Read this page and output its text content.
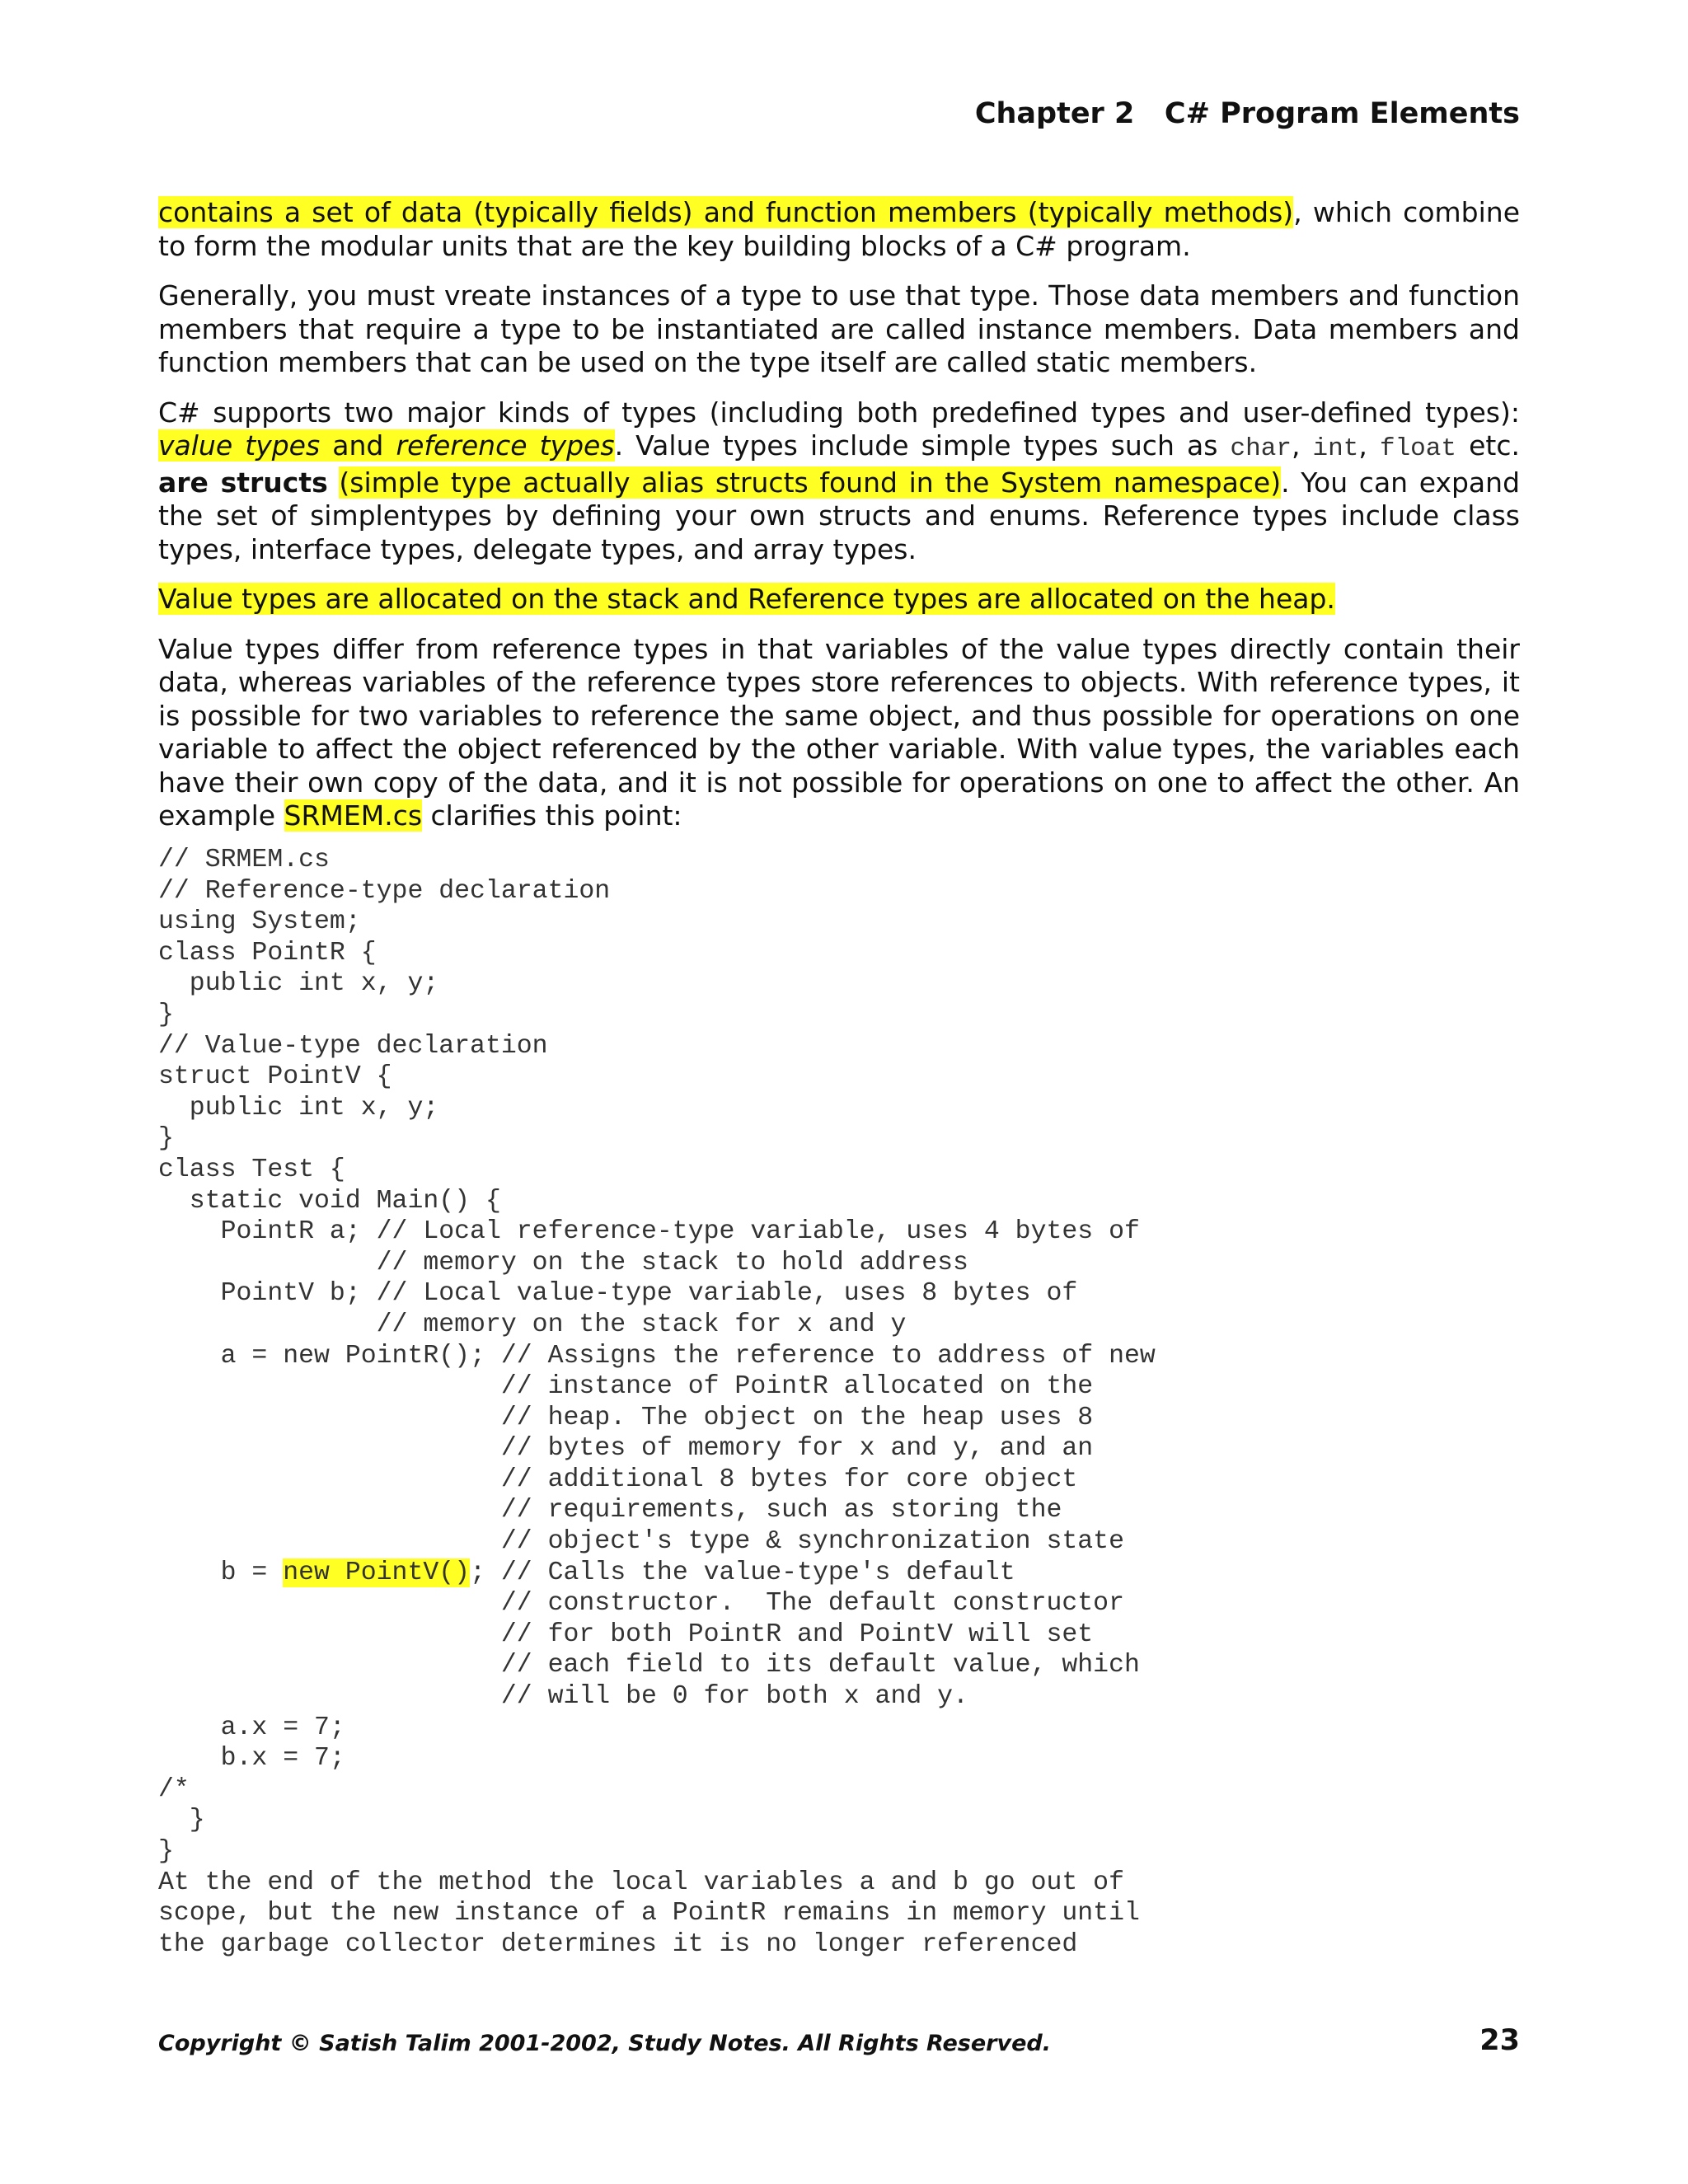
Chapter 2 C# Program Elements

contains a set of data (typically fields) and function members (typically methods), which combine to form the modular units that are the key building blocks of a C# program.

Generally, you must vreate instances of a type to use that type. Those data members and function members that require a type to be instantiated are called instance members. Data members and function members that can be used on the type itself are called static members.

C# supports two major kinds of types (including both predefined types and user-defined types): value types and reference types. Value types include simple types such as char, int, float etc. are structs (simple type actually alias structs found in the System namespace). You can expand the set of simplentypes by defining your own structs and enums. Reference types include class types, interface types, delegate types, and array types.

Value types are allocated on the stack and Reference types are allocated on the heap.

Value types differ from reference types in that variables of the value types directly contain their data, whereas variables of the reference types store references to objects. With reference types, it is possible for two variables to reference the same object, and thus possible for operations on one variable to affect the object referenced by the other variable. With value types, the variables each have their own copy of the data, and it is not possible for operations on one to affect the other. An example SRMEM.cs clarifies this point:

// SRMEM.cs
// Reference-type declaration
using System;
class PointR {
public int x, y;
}
// Value-type declaration
struct PointV {
public int x, y;
}
class Test {
static void Main() {
PointR a; // Local reference-type variable, uses 4 bytes of
// memory on the stack to hold address
PointV b; // Local value-type variable, uses 8 bytes of
// memory on the stack for x and y
a = new PointR(); // Assigns the reference to address of new
// instance of PointR allocated on the
// heap. The object on the heap uses 8
// bytes of memory for x and y, and an
// additional 8 bytes for core object
// requirements, such as storing the
// object's type & synchronization state
b = new PointV(); // Calls the value-type's default
// constructor.  The default constructor
// for both PointR and PointV will set
// each field to its default value, which
// will be 0 for both x and y.
a.x = 7;
b.x = 7;
/*
}
}
At the end of the method the local variables a and b go out of
scope, but the new instance of a PointR remains in memory until
the garbage collector determines it is no longer referenced
Copyright © Satish Talim 2001-2002, Study Notes. All Rights Reserved.	23
